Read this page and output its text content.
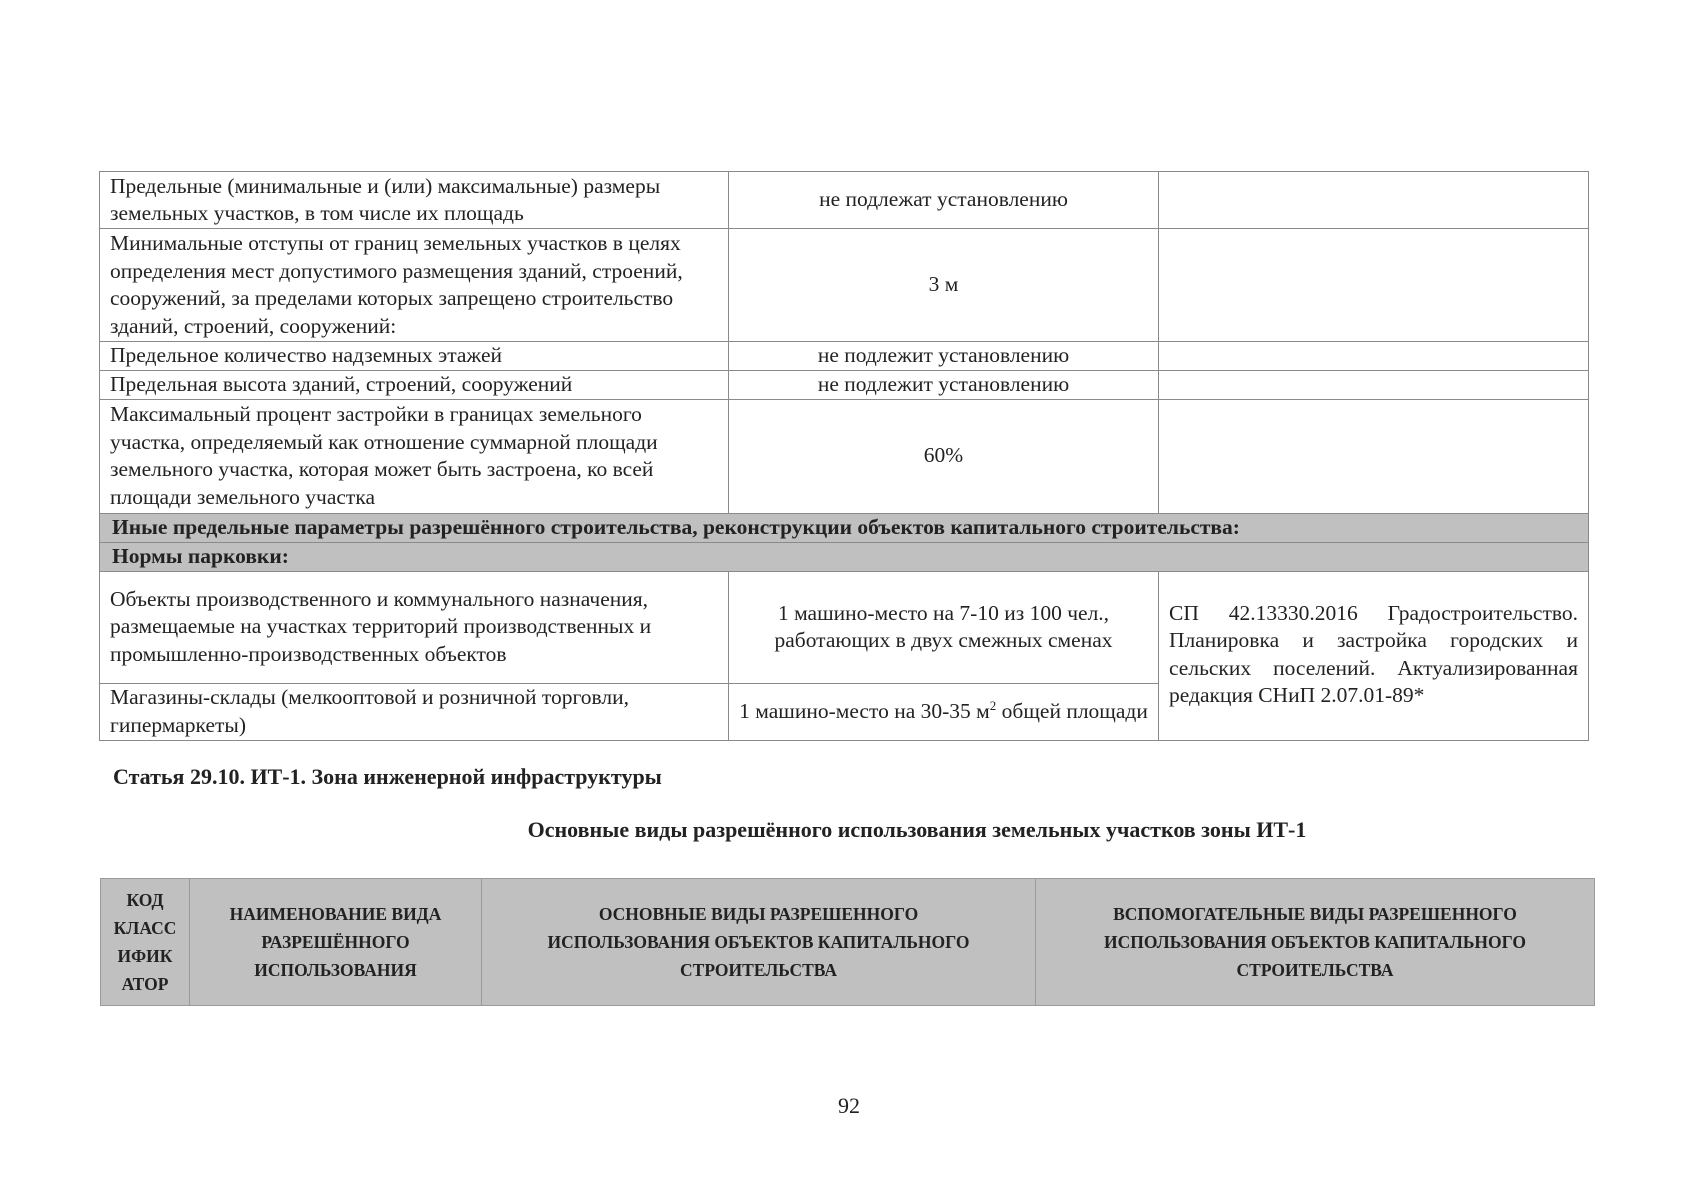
Предельные (минимальные и (или) максимальные) размеры земельных участков, в том числе их площадь	не подлежат установлению	
Минимальные отступы от границ земельных участков в целях определения мест допустимого размещения зданий, строений, сооружений, за пределами которых запрещено строительство зданий, строений, сооружений:	3 м	
Предельное количество надземных этажей	не подлежит установлению	
Предельная высота зданий, строений, сооружений	не подлежит установлению	
Максимальный процент застройки в границах земельного участка, определяемый как отношение суммарной площади земельного участка, которая может быть застроена, ко всей площади земельного участка	60%	
Иные предельные параметры разрешённого строительства, реконструкции объектов капитального строительства:		
Нормы парковки:		
Объекты производственного и коммунального назначения, размещаемые на участках территорий производственных и промышленно-производственных объектов	1 машино-место на 7-10 из 100 чел., работающих в двух смежных сменах	СП 42.13330.2016 Градостроительство. Планировка и застройка городских и сельских поселений. Актуализированная редакция СНиП 2.07.01-89*
Магазины-склады (мелкооптовой и розничной торговли, гипермаркеты)	1 машино-место на 30-35 $м^2$ общей площади	

Статья 29.10. ИТ-1. Зона инженерной инфраструктуры

Основные виды разрешённого использования земельных участков зоны ИТ-1

КОД КЛАСС ИФИК АТОР	НАИМЕНОВАНИЕ ВИДА РАЗРЕШЁННОГО ИСПОЛЬЗОВАНИЯ	ОСНОВНЫЕ ВИДЫ РАЗРЕШЕННОГО ИСПОЛЬЗОВАНИЯ ОБЪЕКТОВ КАПИТАЛЬНОГО СТРОИТЕЛЬСТВА	ВСПОМОГАТЕЛЬНЫЕ ВИДЫ РАЗРЕШЕННОГО ИСПОЛЬЗОВАНИЯ ОБЪЕКТОВ КАПИТАЛЬНОГО СТРОИТЕЛЬСТВА
92
